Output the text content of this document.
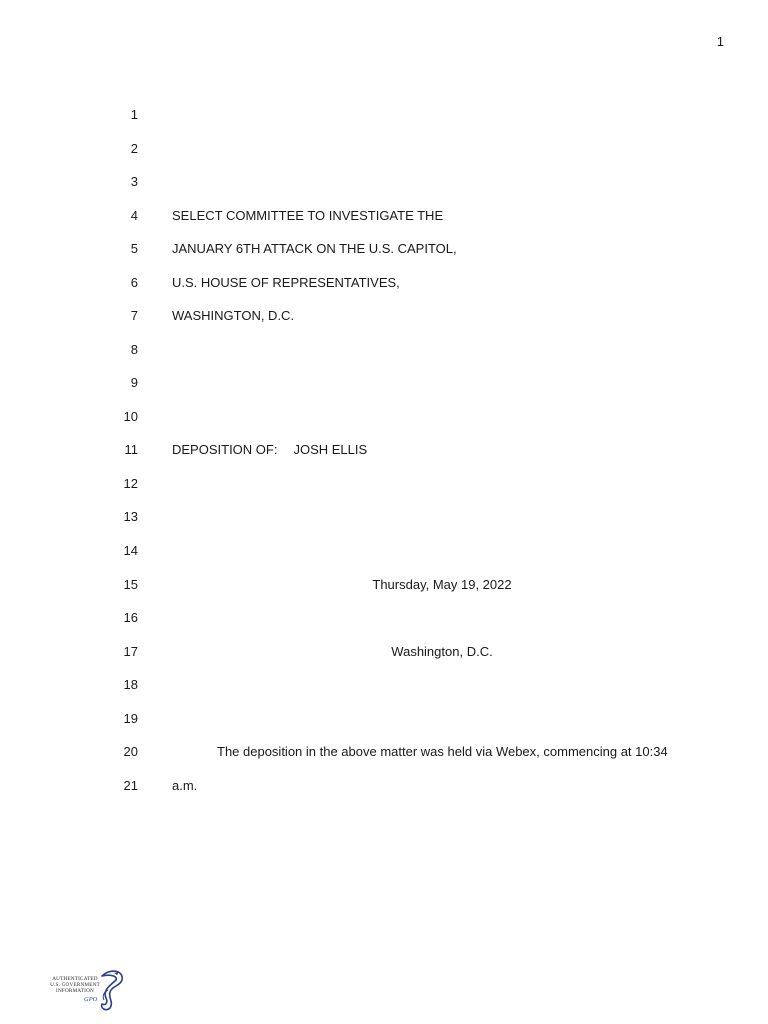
1
1
2
3
4	SELECT COMMITTEE TO INVESTIGATE THE
5	JANUARY 6TH ATTACK ON THE U.S. CAPITOL,
6	U.S. HOUSE OF REPRESENTATIVES,
7	WASHINGTON, D.C.
8
9
10
11	DEPOSITION OF: JOSH ELLIS
12
13
14
15	Thursday, May 19, 2022
16
17	Washington, D.C.
18
19
20	The deposition in the above matter was held via Webex, commencing at 10:34
21	a.m.
AUTHENTICATED
U.S. GOVERNMENT
INFORMATION
GPO
